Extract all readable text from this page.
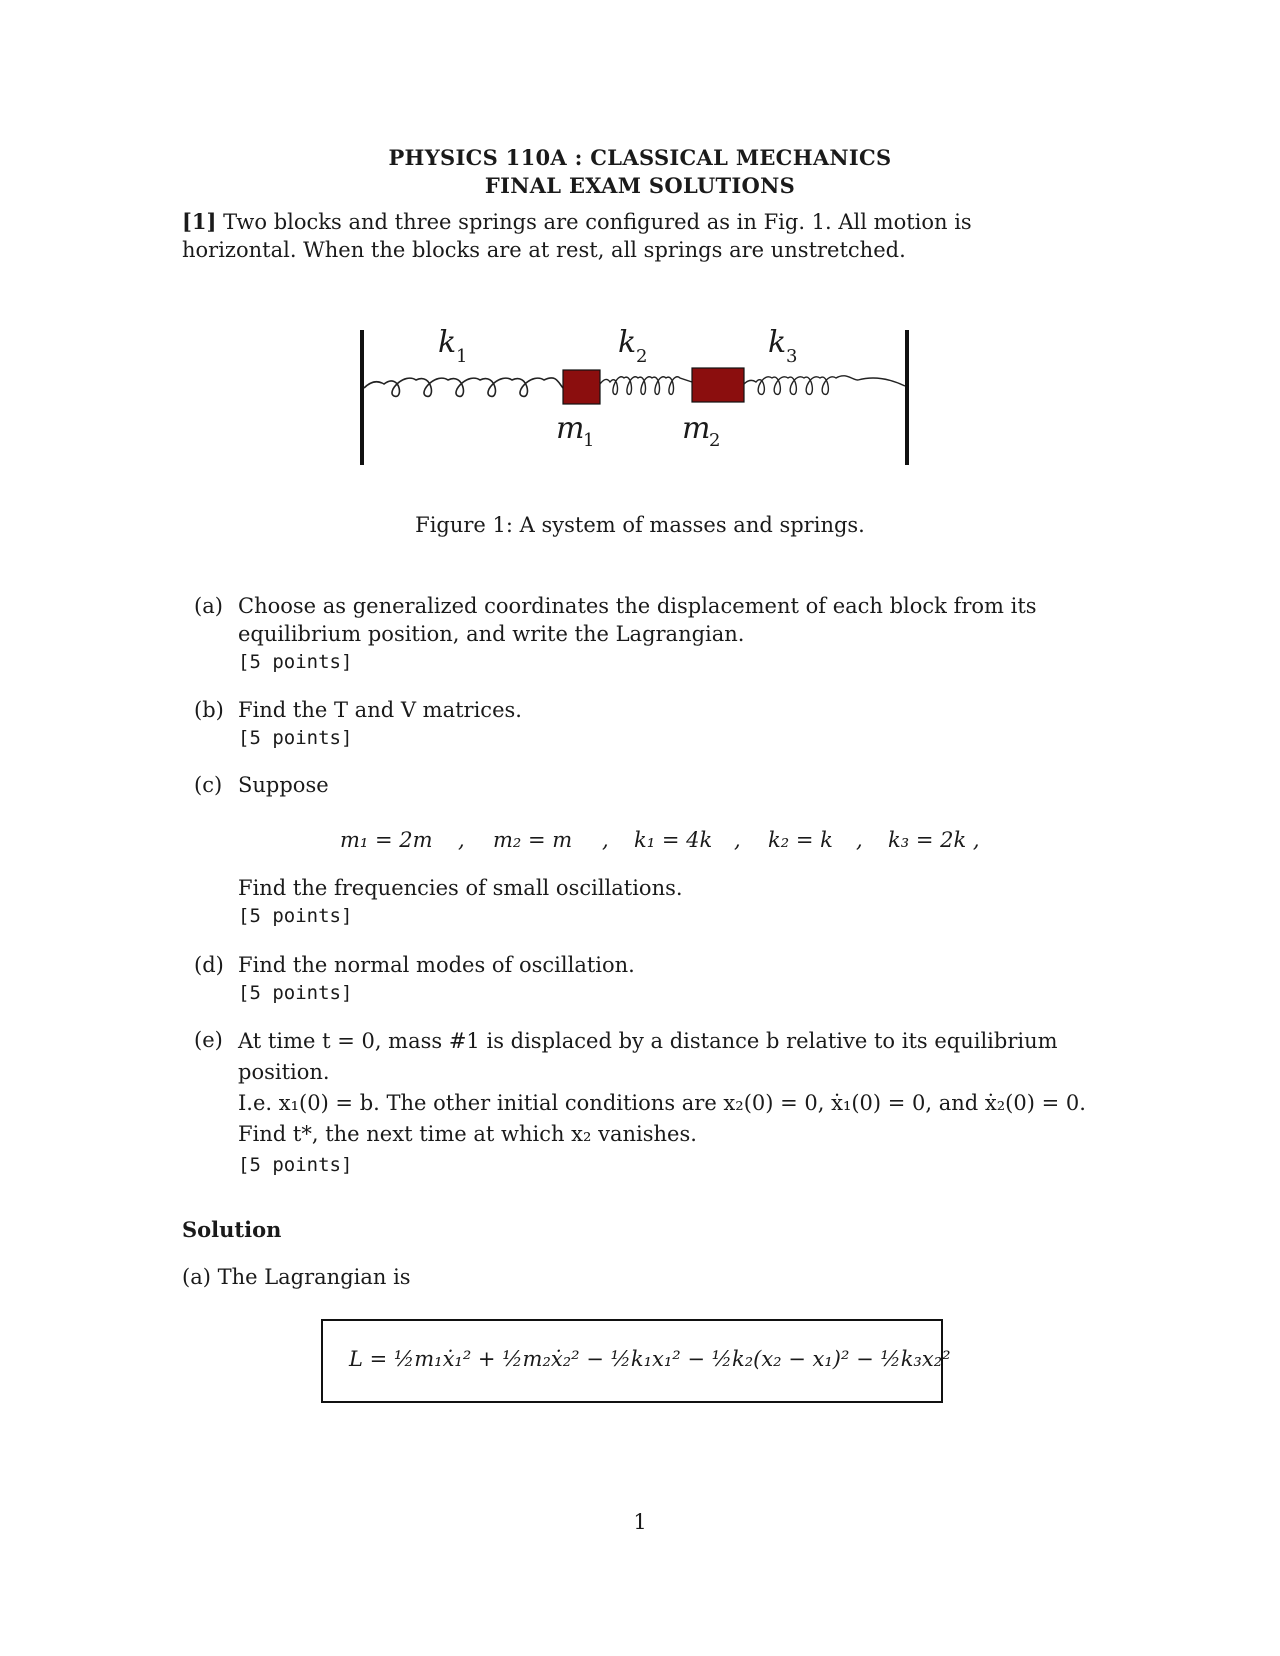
PHYSICS 110A : CLASSICAL MECHANICS
FINAL EXAM SOLUTIONS
[1] Two blocks and three springs are configured as in Fig. 1. All motion is horizontal. When the blocks are at rest, all springs are unstretched.
k 1	k 2	k 3
m
1	m
2
Figure 1: A system of masses and springs.
(a) Choose as generalized coordinates the displacement of each block from its equilibrium position, and write the Lagrangian.
[5 points]
(b) Find the T and V matrices.
[5 points]
(c) Suppose
m₁ = 2m , m₂ = m , k₁ = 4k , k₂ = k , k₃ = 2k ,
Find the frequencies of small oscillations.
[5 points]
(d) Find the normal modes of oscillation.
[5 points]
(e) At time t = 0, mass #1 is displaced by a distance b relative to its equilibrium position.
I.e. x₁(0) = b. The other initial conditions are x₂(0) = 0, ẋ₁(0) = 0, and ẋ₂(0) = 0.
Find t*, the next time at which x₂ vanishes.
[5 points]
Solution
(a) The Lagrangian is
L = ½m₁ẋ₁² + ½m₂ẋ₂² − ½k₁x₁² − ½k₂(x₂ − x₁)² − ½k₃x₂²
1
